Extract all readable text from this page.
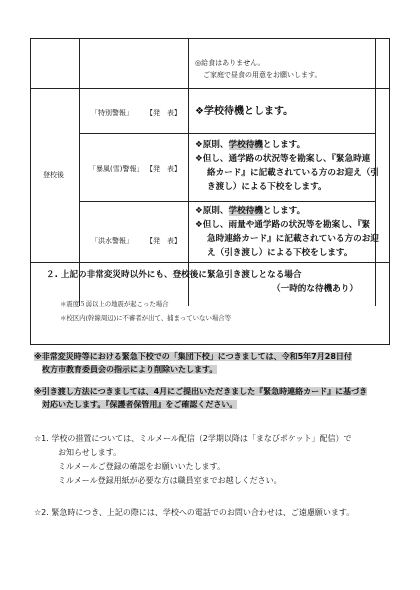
◎給食はありません。
ご家庭で昼食の用意をお願いします。
登校後
「特別警報」 【発　表】 ❖学校待機とします。
「暴風(雪)警報」 【発　表】
❖原則、学校待機とします。
❖但し、通学路の状況等を勘案し、『緊急時連
絡カード』に記載されている方のお迎え（引
き渡し）による下校をします。
「洪水警報」 【発　表】
❖原則、学校待機とします。
❖但し、雨量や通学路の状況等を勘案し、『緊
急時連絡カード』に記載されている方のお迎
え（引き渡し）による下校をします。
２. 上記の非常変災時以外にも、登校後に緊急引き渡しとなる場合
（一時的な待機あり）
＊震度５弱以上の地震が起こった場合
＊校区内(幹線周辺)に不審者が出て、捕まっていない場合等
※非常変災時等における緊急下校での「集団下校」につきましては、令和5年7月28日付
枚方市教育委員会の指示により削除いたします。
※引き渡し方法につきましては、4月にご提出いただきました『緊急時連絡カード』に基づき
対応いたします。『保護者保管用』をご確認ください。
☆1. 学校の措置については、ミルメール配信（2学期以降は「まなびポケット」配信）で
お知らせします。
ミルメールご登録の確認をお願いいたします。
ミルメール登録用紙が必要な方は職員室までお越しください。
☆2. 緊急時につき、上記の際には、学校への電話でのお問い合わせは、ご遠慮願います。
